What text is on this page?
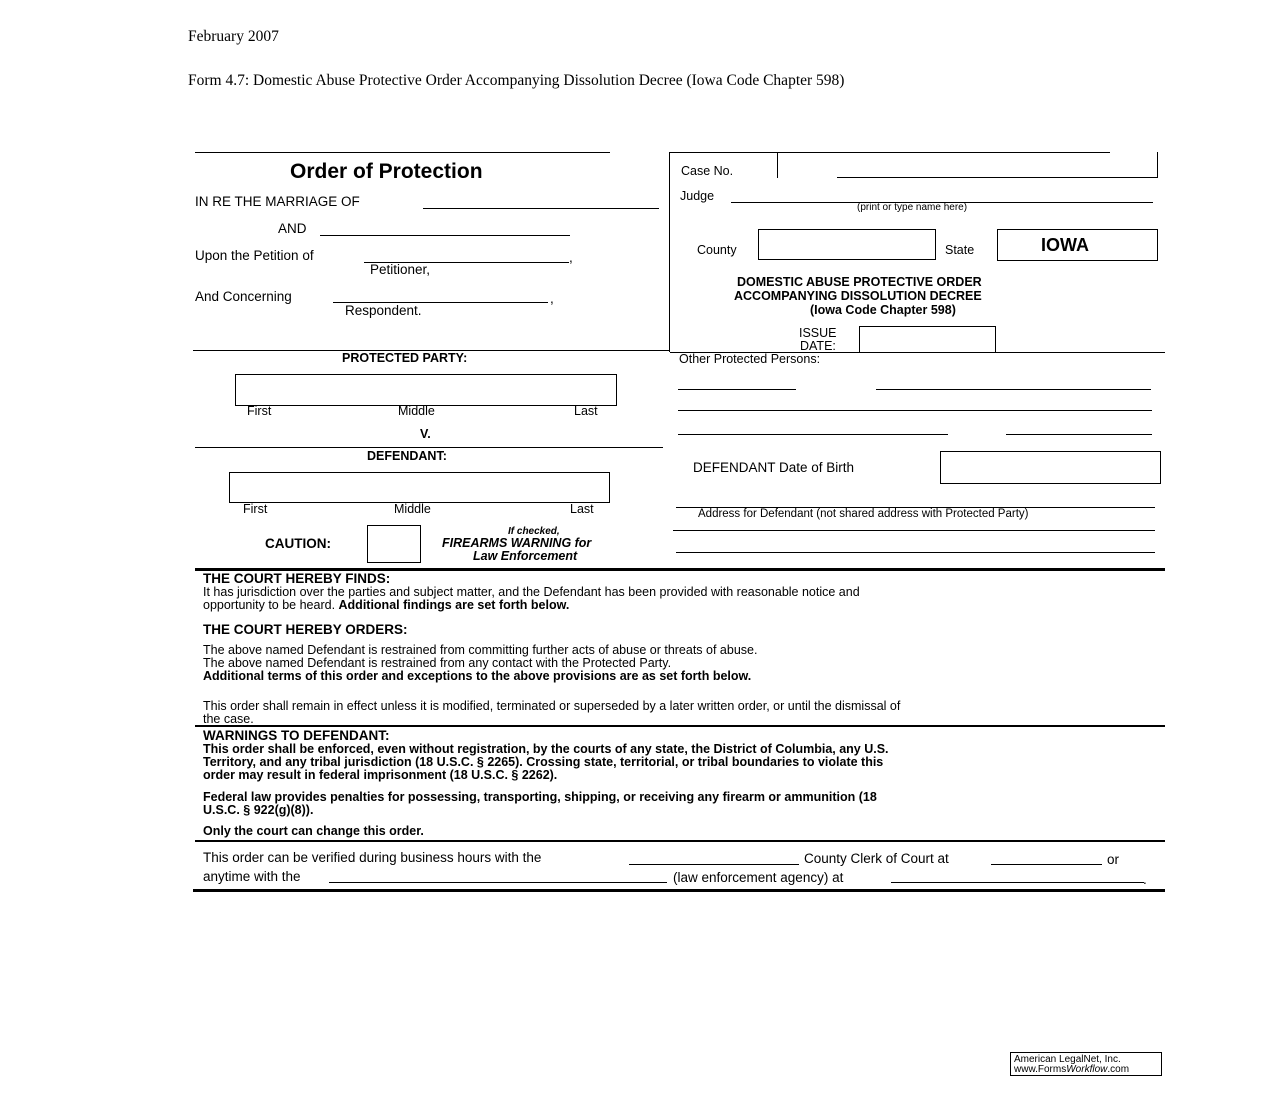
February 2007
Form 4.7: Domestic Abuse Protective Order Accompanying Dissolution Decree (Iowa Code Chapter 598)
Order of Protection
IN RE THE MARRIAGE OF
AND
Upon the Petition of	,
Petitioner,
And Concerning	,
Respondent.
PROTECTED PARTY:
First	Middle	Last
V.
DEFENDANT:
First	Middle	Last
CAUTION:
If checked,
FIREARMS WARNING for
Law Enforcement
Case No.
Judge
(print or type name here)
County	State	IOWA
DOMESTIC ABUSE PROTECTIVE ORDER
ACCOMPANYING DISSOLUTION DECREE
(Iowa Code Chapter 598)
ISSUE
DATE:
Other Protected Persons:
DEFENDANT Date of Birth
Address for Defendant (not shared address with Protected Party)
THE COURT HEREBY FINDS:
It has jurisdiction over the parties and subject matter, and the Defendant has been provided with reasonable notice and
opportunity to be heard. Additional findings are set forth below.
THE COURT HEREBY ORDERS:
The above named Defendant is restrained from committing further acts of abuse or threats of abuse.
The above named Defendant is restrained from any contact with the Protected Party.
Additional terms of this order and exceptions to the above provisions are as set forth below.
This order shall remain in effect unless it is modified, terminated or superseded by a later written order, or until the dismissal of
the case.
WARNINGS TO DEFENDANT:
This order shall be enforced, even without registration, by the courts of any state, the District of Columbia, any U.S.
Territory, and any tribal jurisdiction (18 U.S.C. § 2265). Crossing state, territorial, or tribal boundaries to violate this
order may result in federal imprisonment (18 U.S.C. § 2262).
Federal law provides penalties for possessing, transporting, shipping, or receiving any firearm or ammunition (18
U.S.C. § 922(g)(8)).
Only the court can change this order.
This order can be verified during business hours with the	County Clerk of Court at	or
anytime with the	(law enforcement agency) at	.
American LegalNet, Inc.
www.FormsWorkflow.com
